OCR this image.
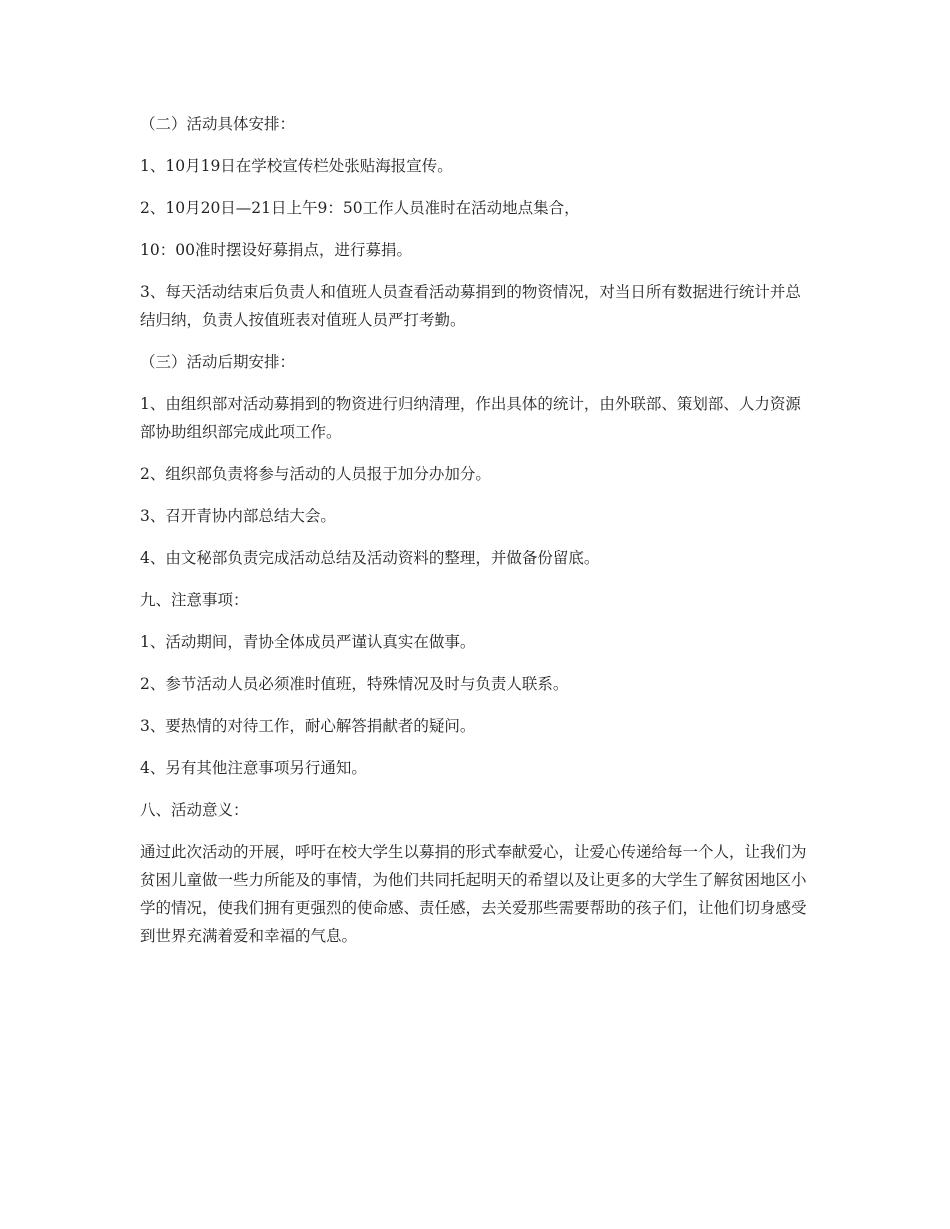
（二）活动具体安排：

1、10月19日在学校宣传栏处张贴海报宣传。

2、10月20日—21日上午9：50工作人员准时在活动地点集合，

10：00准时摆设好募捐点，进行募捐。

3、每天活动结束后负责人和值班人员查看活动募捐到的物资情况，对当日所有数据进行统计并总结归纳，负责人按值班表对值班人员严打考勤。

（三）活动后期安排：

1、由组织部对活动募捐到的物资进行归纳清理，作出具体的统计，由外联部、策划部、人力资源部协助组织部完成此项工作。

2、组织部负责将参与活动的人员报于加分办加分。

3、召开青协内部总结大会。

4、由文秘部负责完成活动总结及活动资料的整理，并做备份留底。

九、注意事项：

1、活动期间，青协全体成员严谨认真实在做事。

2、参节活动人员必须准时值班，特殊情况及时与负责人联系。

3、要热情的对待工作，耐心解答捐献者的疑问。

4、另有其他注意事项另行通知。

八、活动意义：

通过此次活动的开展，呼吁在校大学生以募捐的形式奉献爱心，让爱心传递给每一个人，让我们为贫困儿童做一些力所能及的事情，为他们共同托起明天的希望以及让更多的大学生了解贫困地区小学的情况，使我们拥有更强烈的使命感、责任感，去关爱那些需要帮助的孩子们，让他们切身感受到世界充满着爱和幸福的气息。
